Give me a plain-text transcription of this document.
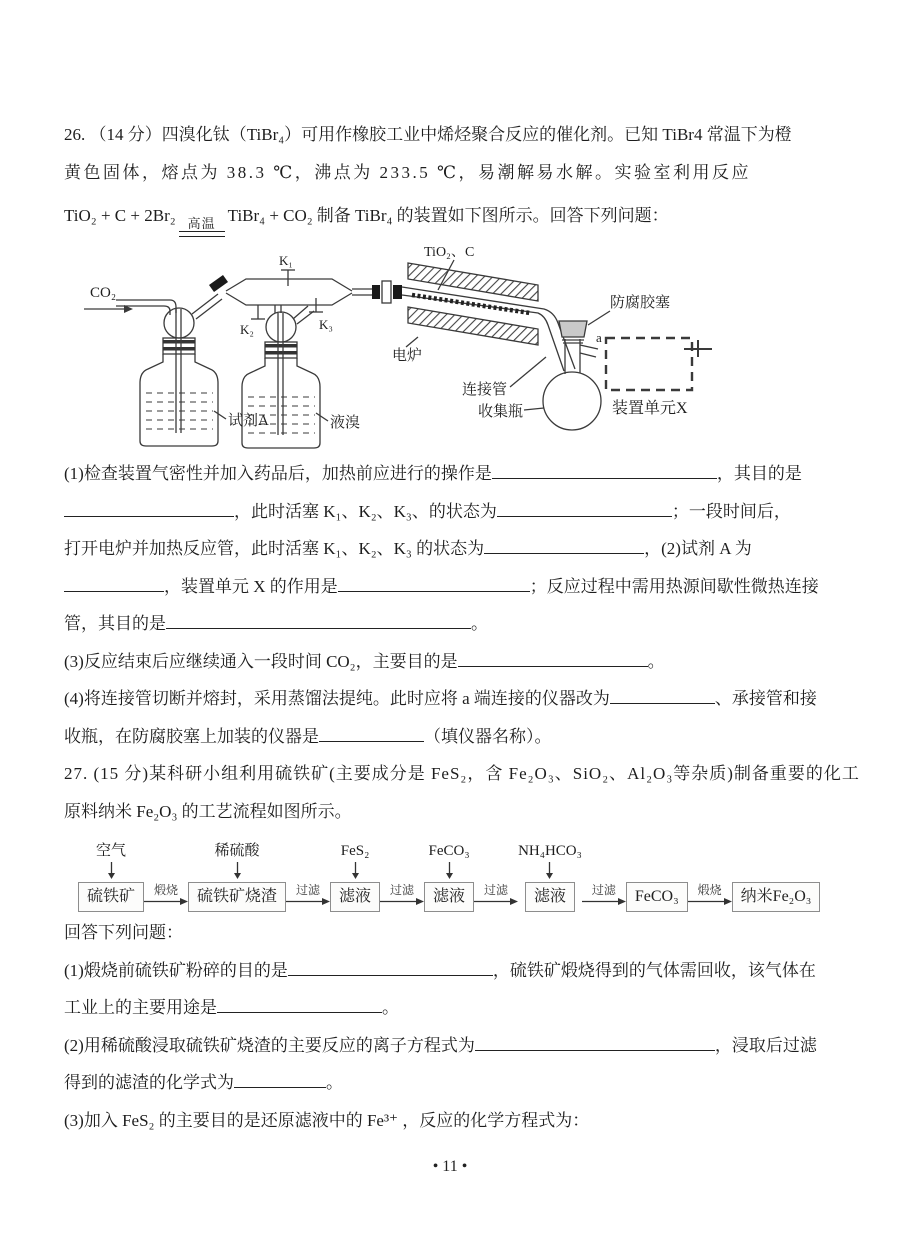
26. （14 分）四溴化钛（TiBr₄）可用作橡胶工业中烯烃聚合反应的催化剂。已知 TiBr4 常温下为橙
黄色固体，熔点为 38.3 ℃，沸点为 233.5 ℃，易潮解易水解。实验室利用反应
TiO₂ + C + 2Br₂ 高温 TiBr₄ + CO₂ 制备 TiBr₄ 的装置如下图所示。回答下列问题：
CO₂
K₁
K₂	K₃
试剂A	液溴
TiO₂、C
电炉
连接管
收集瓶
防腐胶塞
a
装置单元X
(1)检查装置气密性并加入药品后，加热前应进行的操作是	，其目的是
，此时活塞 K₁、K₂、K₃、的状态为	；一段时间后，
打开电炉并加热反应管，此时活塞 K₁、K₂、K₃ 的状态为	，(2)试剂 A 为
，装置单元 X 的作用是	；反应过程中需用热源间歇性微热连接
管，其目的是	。
(3)反应结束后应继续通入一段时间 CO₂，主要目的是	。
(4)将连接管切断并熔封，采用蒸馏法提纯。此时应将 a 端连接的仪器改为	、承接管和接
收瓶，在防腐胶塞上加装的仪器是	（填仪器名称）。
27. (15 分)某科研小组利用硫铁矿(主要成分是 FeS₂，含 Fe₂O₃、SiO₂、Al₂O₃等杂质)制备重要的化工
原料纳米 Fe₂O₃ 的工艺流程如图所示。
空气
硫铁矿	煅烧
稀硫酸
硫铁矿烧渣	过滤
FeS₂
滤液	过滤
FeCO₃
滤液	过滤
NH₄HCO₃
滤液	过滤	FeCO₃	煅烧	纳米Fe₂O₃
回答下列问题：
(1)煅烧前硫铁矿粉碎的目的是	，硫铁矿煅烧得到的气体需回收，该气体在
工业上的主要用途是	。
(2)用稀硫酸浸取硫铁矿烧渣的主要反应的离子方程式为	，浸取后过滤
得到的滤渣的化学式为	。
(3)加入 FeS₂ 的主要目的是还原滤液中的 Fe³⁺ ，反应的化学方程式为：
• 11 •
